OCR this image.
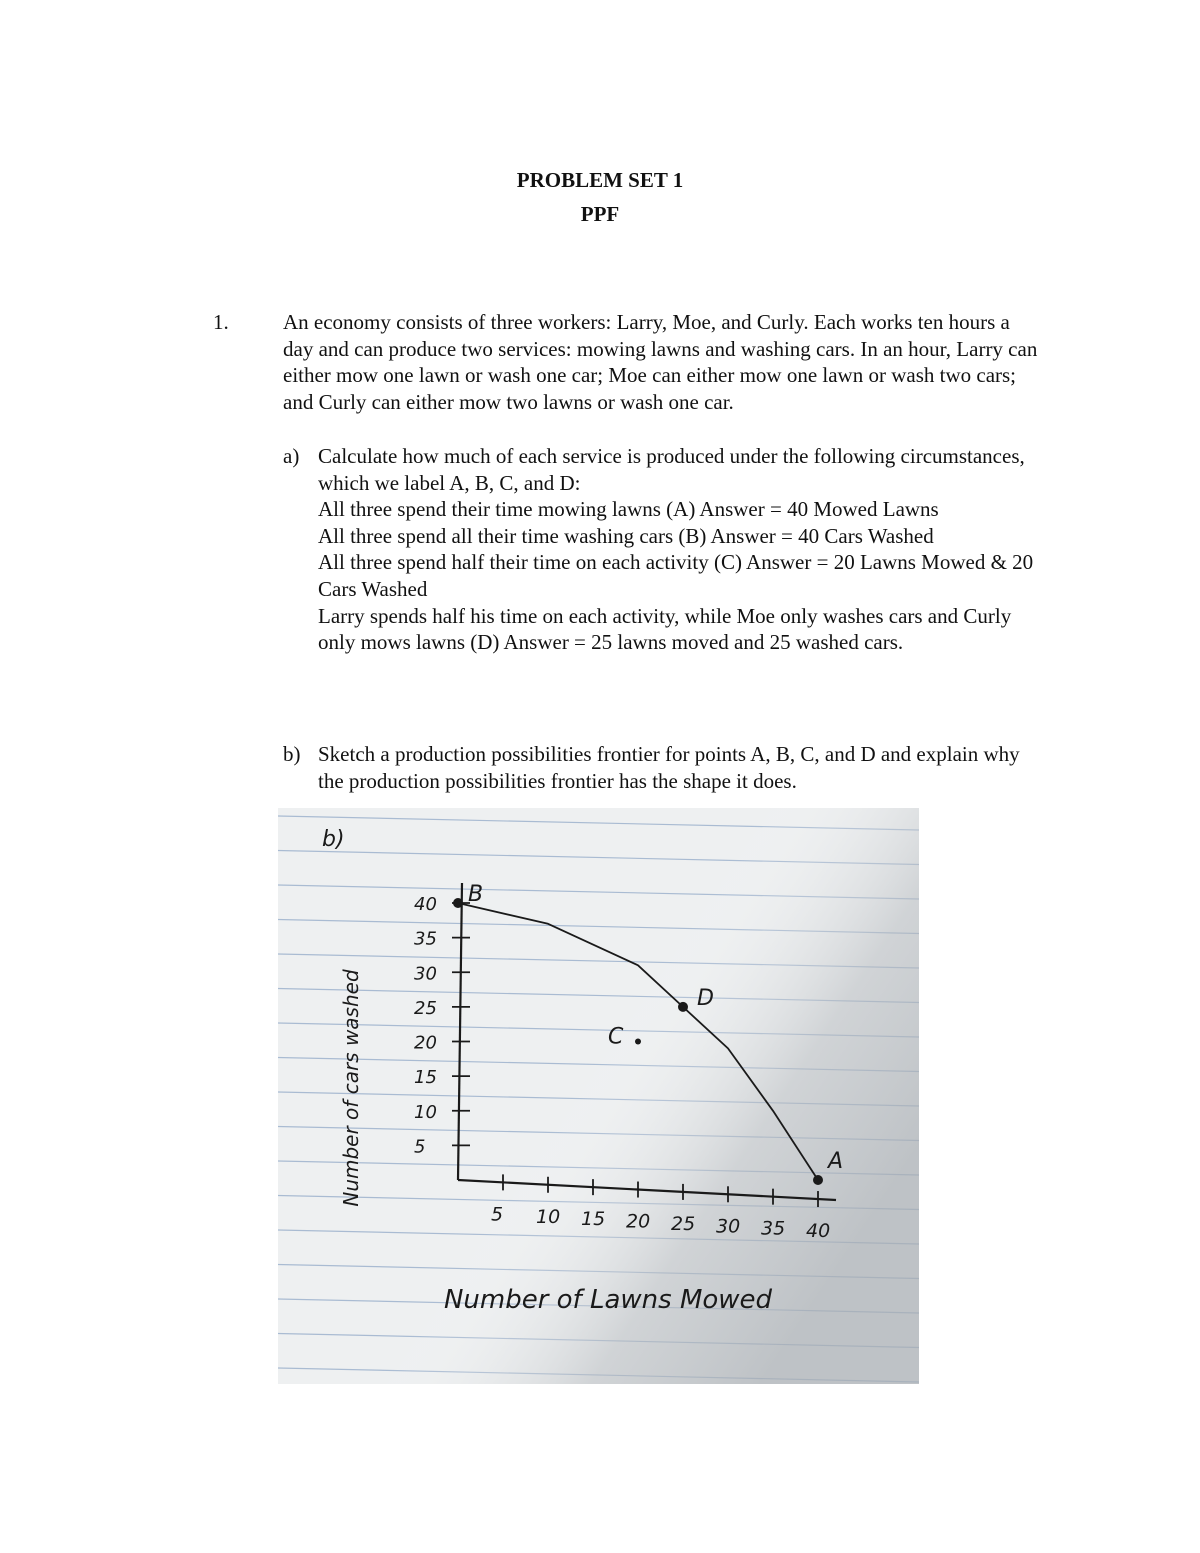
PROBLEM SET 1
PPF
1.	An economy consists of three workers: Larry, Moe, and Curly. Each works ten hours a day and can produce two services: mowing lawns and washing cars. In an hour, Larry can either mow one lawn or wash one car; Moe can either mow one lawn or wash two cars; and Curly can either mow two lawns or wash one car.
a) Calculate how much of each service is produced under the following circumstances, which we label A, B, C, and D:
All three spend their time mowing lawns (A) Answer = 40 Mowed Lawns
All three spend all their time washing cars (B) Answer = 40 Cars Washed
All three spend half their time on each activity (C) Answer = 20 Lawns Mowed & 20 Cars Washed
Larry spends half his time on each activity, while Moe only washes cars and Curly only mows lawns (D) Answer = 25 lawns moved and 25 washed cars.
b) Sketch a production possibilities frontier for points A, B, C, and D and explain why the production possibilities frontier has the shape it does.
b)
Number of cars washed
Number of Lawns Mowed
5 10 15 20 25 30 35 40
5
10
15
20
25
30
35
40 B
D
C
A
